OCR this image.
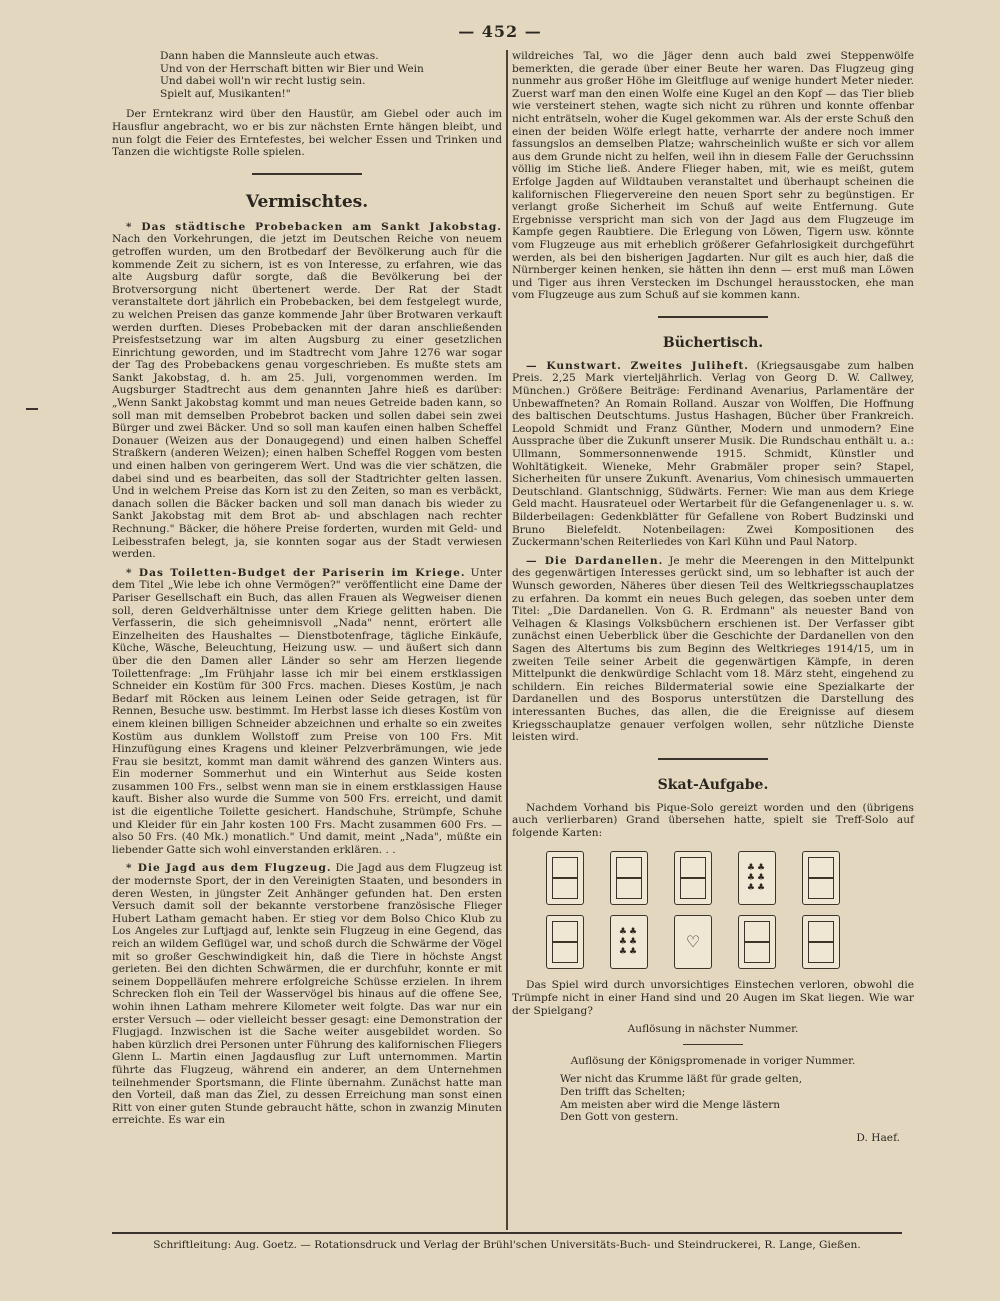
— 452 —
Dann haben die Mannsleute auch etwas.
Und von der Herrschaft bitten wir Bier und Wein
Und dabei woll'n wir recht lustig sein.
Spielt auf, Musikanten!"

Der Erntekranz wird über den Haustür, am Giebel oder auch im Hausflur angebracht, wo er bis zur nächsten Ernte hängen bleibt, und nun folgt die Feier des Erntefestes, bei welcher Essen und Trinken und Tanzen die wichtigste Rolle spielen.

Vermischtes.

* Das städtische Probebacken am Sankt Jakobstag. Nach den Vorkehrungen, die jetzt im Deutschen Reiche von neuem getroffen wurden, um den Brotbedarf der Bevölkerung auch für die kommende Zeit zu sichern, ist es von Interesse, zu erfahren, wie das alte Augsburg dafür sorgte, daß die Bevölkerung bei der Brotversorgung nicht übertenert werde. Der Rat der Stadt veranstaltete dort jährlich ein Probebacken, bei dem festgelegt wurde, zu welchen Preisen das ganze kommende Jahr über Brotwaren verkauft werden durften. Dieses Probebacken mit der daran anschließenden Preisfestsetzung war im alten Augsburg zu einer gesetzlichen Einrichtung geworden, und im Stadtrecht vom Jahre 1276 war sogar der Tag des Probebackens genau vorgeschrieben. Es mußte stets am Sankt Jakobstag, d. h. am 25. Juli, vorgenommen werden. Im Augsburger Stadtrecht aus dem genannten Jahre hieß es darüber: „Wenn Sankt Jakobstag kommt und man neues Getreide baden kann, so soll man mit demselben Probebrot backen und sollen dabei sein zwei Bürger und zwei Bäcker. Und so soll man kaufen einen halben Scheffel Donauer (Weizen aus der Donaugegend) und einen halben Scheffel Straßkern (anderen Weizen); einen halben Scheffel Roggen vom besten und einen halben von geringerem Wert. Und was die vier schätzen, die dabei sind und es bearbeiten, das soll der Stadtrichter gelten lassen. Und in welchem Preise das Korn ist zu den Zeiten, so man es verbäckt, danach sollen die Bäcker backen und soll man danach bis wieder zu Sankt Jakobstag mit dem Brot ab- und abschlagen nach rechter Rechnung." Bäcker, die höhere Preise forderten, wurden mit Geld- und Leibesstrafen belegt, ja, sie konnten sogar aus der Stadt verwiesen werden.

* Das Toiletten-Budget der Pariserin im Kriege. Unter dem Titel „Wie lebe ich ohne Vermögen?" veröffentlicht eine Dame der Pariser Gesellschaft ein Buch, das allen Frauen als Wegweiser dienen soll, deren Geldverhältnisse unter dem Kriege gelitten haben. Die Verfasserin, die sich geheimnisvoll „Nada" nennt, erörtert alle Einzelheiten des Haushaltes — Dienstbotenfrage, tägliche Einkäufe, Küche, Wäsche, Beleuchtung, Heizung usw. — und äußert sich dann über die den Damen aller Länder so sehr am Herzen liegende Toilettenfrage: „Im Frühjahr lasse ich mir bei einem erstklassigen Schneider ein Kostüm für 300 Frcs. machen. Dieses Kostüm, je nach Bedarf mit Röcken aus leinem Leinen oder Seide getragen, ist für Rennen, Besuche usw. bestimmt. Im Herbst lasse ich dieses Kostüm von einem kleinen billigen Schneider abzeichnen und erhalte so ein zweites Kostüm aus dunklem Wollstoff zum Preise von 100 Frs. Mit Hinzufügung eines Kragens und kleiner Pelzverbrämungen, wie jede Frau sie besitzt, kommt man damit während des ganzen Winters aus. Ein moderner Sommerhut und ein Winterhut aus Seide kosten zusammen 100 Frs., selbst wenn man sie in einem erstklassigen Hause kauft. Bisher also wurde die Summe von 500 Frs. erreicht, und damit ist die eigentliche Toilette gesichert. Handschuhe, Strümpfe, Schuhe und Kleider für ein Jahr kosten 100 Frs. Macht zusammen 600 Frs. — also 50 Frs. (40 Mk.) monatlich." Und damit, meint „Nada", müßte ein liebender Gatte sich wohl einverstanden erklären. . .

* Die Jagd aus dem Flugzeug. Die Jagd aus dem Flugzeug ist der modernste Sport, der in den Vereinigten Staaten, und besonders in deren Westen, in jüngster Zeit Anhänger gefunden hat. Den ersten Versuch damit soll der bekannte verstorbene französische Flieger Hubert Latham gemacht haben. Er stieg vor dem Bolso Chico Klub zu Los Angeles zur Luftjagd auf, lenkte sein Flugzeug in eine Gegend, das reich an wildem Geflügel war, und schoß durch die Schwärme der Vögel mit so großer Geschwindigkeit hin, daß die Tiere in höchste Angst gerieten. Bei den dichten Schwärmen, die er durchfuhr, konnte er mit seinem Doppelläufen mehrere erfolgreiche Schüsse erzielen. In ihrem Schrecken floh ein Teil der Wasservögel bis hinaus auf die offene See, wohin ihnen Latham mehrere Kilometer weit folgte. Das war nur ein erster Versuch — oder vielleicht besser gesagt: eine Demonstration der Flugjagd. Inzwischen ist die Sache weiter ausgebildet worden. So haben kürzlich drei Personen unter Führung des kalifornischen Fliegers Glenn L. Martin einen Jagdausflug zur Luft unternommen. Martin führte das Flugzeug, während ein anderer, an dem Unternehmen teilnehmender Sportsmann, die Flinte übernahm. Zunächst hatte man den Vorteil, daß man das Ziel, zu dessen Erreichung man sonst einen Ritt von einer guten Stunde gebraucht hätte, schon in zwanzig Minuten erreichte. Es war ein

wildreiches Tal, wo die Jäger denn auch bald zwei Steppenwölfe bemerkten, die gerade über einer Beute her waren. Das Flugzeug ging nunmehr aus großer Höhe im Gleitfluge auf wenige hundert Meter nieder. Zuerst warf man den einen Wolfe eine Kugel an den Kopf — das Tier blieb wie versteinert stehen, wagte sich nicht zu rühren und konnte offenbar nicht enträtseln, woher die Kugel gekommen war. Als der erste Schuß den einen der beiden Wölfe erlegt hatte, verharrte der andere noch immer fassungslos an demselben Platze; wahrscheinlich wußte er sich vor allem aus dem Grunde nicht zu helfen, weil ihn in diesem Falle der Geruchssinn völlig im Stiche ließ. Andere Flieger haben, mit, wie es meißt, gutem Erfolge Jagden auf Wildtauben veranstaltet und überhaupt scheinen die kalifornischen Fliegervereine den neuen Sport sehr zu begünstigen. Er verlangt große Sicherheit im Schuß auf weite Entfernung. Gute Ergebnisse verspricht man sich von der Jagd aus dem Flugzeuge im Kampfe gegen Raubtiere. Die Erlegung von Löwen, Tigern usw. könnte vom Flugzeuge aus mit erheblich größerer Gefahrlosigkeit durchgeführt werden, als bei den bisherigen Jagdarten. Nur gilt es auch hier, daß die Nürnberger keinen henken, sie hätten ihn denn — erst muß man Löwen und Tiger aus ihren Verstecken im Dschungel herausstocken, ehe man vom Flugzeuge aus zum Schuß auf sie kommen kann.

Büchertisch.

— Kunstwart. Zweites Juliheft. (Kriegsausgabe zum halben Preis. 2,25 Mark vierteljährlich. Verlag von Georg D. W. Callwey, München.) Größere Beiträge: Ferdinand Avenarius, Parlamentäre der Unbewaffneten? An Romain Rolland. Auszar von Wolffen, Die Hoffnung des baltischen Deutschtums. Justus Hashagen, Bücher über Frankreich. Leopold Schmidt und Franz Günther, Modern und unmodern? Eine Aussprache über die Zukunft unserer Musik. Die Rundschau enthält u. a.: Ullmann, Sommersonnenwende 1915. Schmidt, Künstler und Wohltätigkeit. Wieneke, Mehr Grabmäler proper sein? Stapel, Sicherheiten für unsere Zukunft. Avenarius, Vom chinesisch ummauerten Deutschland. Glantschnigg, Südwärts. Ferner: Wie man aus dem Kriege Geld macht. Hausrateuel oder Wertarbeit für die Gefangenenlager u. s. w. Bilderbeilagen: Gedenkblätter für Gefallene von Robert Budzinski und Bruno Bielefeldt. Notenbeilagen: Zwei Kompositionen des Zuckermann'schen Reiterliedes von Karl Kühn und Paul Natorp.

— Die Dardanellen. Je mehr die Meerengen in den Mittelpunkt des gegenwärtigen Interesses gerückt sind, um so lebhafter ist auch der Wunsch geworden, Näheres über diesen Teil des Weltkriegsschauplatzes zu erfahren. Da kommt ein neues Buch gelegen, das soeben unter dem Titel: „Die Dardanellen. Von G. R. Erdmann" als neuester Band von Velhagen & Klasings Volksbüchern erschienen ist. Der Verfasser gibt zunächst einen Ueberblick über die Geschichte der Dardanellen von den Sagen des Altertums bis zum Beginn des Weltkrieges 1914/15, um in zweiten Teile seiner Arbeit die gegenwärtigen Kämpfe, in deren Mittelpunkt die denkwürdige Schlacht vom 18. März steht, eingehend zu schildern. Ein reiches Bildermaterial sowie eine Spezialkarte der Dardanellen und des Bosporus unterstützen die Darstellung des interessanten Buches, das allen, die die Ereignisse auf diesem Kriegsschauplatze genauer verfolgen wollen, sehr nützliche Dienste leisten wird.

Skat-Aufgabe.

Nachdem Vorhand bis Pique-Solo gereizt worden und den (übrigens auch verlierbaren) Grand übersehen hatte, spielt sie Treff-Solo auf folgende Karten:

♣♣ ♣♣ ♣♣
♣♣ ♣♣ ♣♣
♡

Das Spiel wird durch unvorsichtiges Einstechen verloren, obwohl die Trümpfe nicht in einer Hand sind und 20 Augen im Skat liegen. Wie war der Spielgang?

Auflösung in nächster Nummer.

Auflösung der Königspromenade in voriger Nummer.

Wer nicht das Krumme läßt für grade gelten,
Den trifft das Schelten;
Am meisten aber wird die Menge lästern
Den Gott von gestern.

D. Haef.

Schriftleitung: Aug. Goetz. — Rotationsdruck und Verlag der Brühl'schen Universitäts-Buch- und Steindruckerei, R. Lange, Gießen.
